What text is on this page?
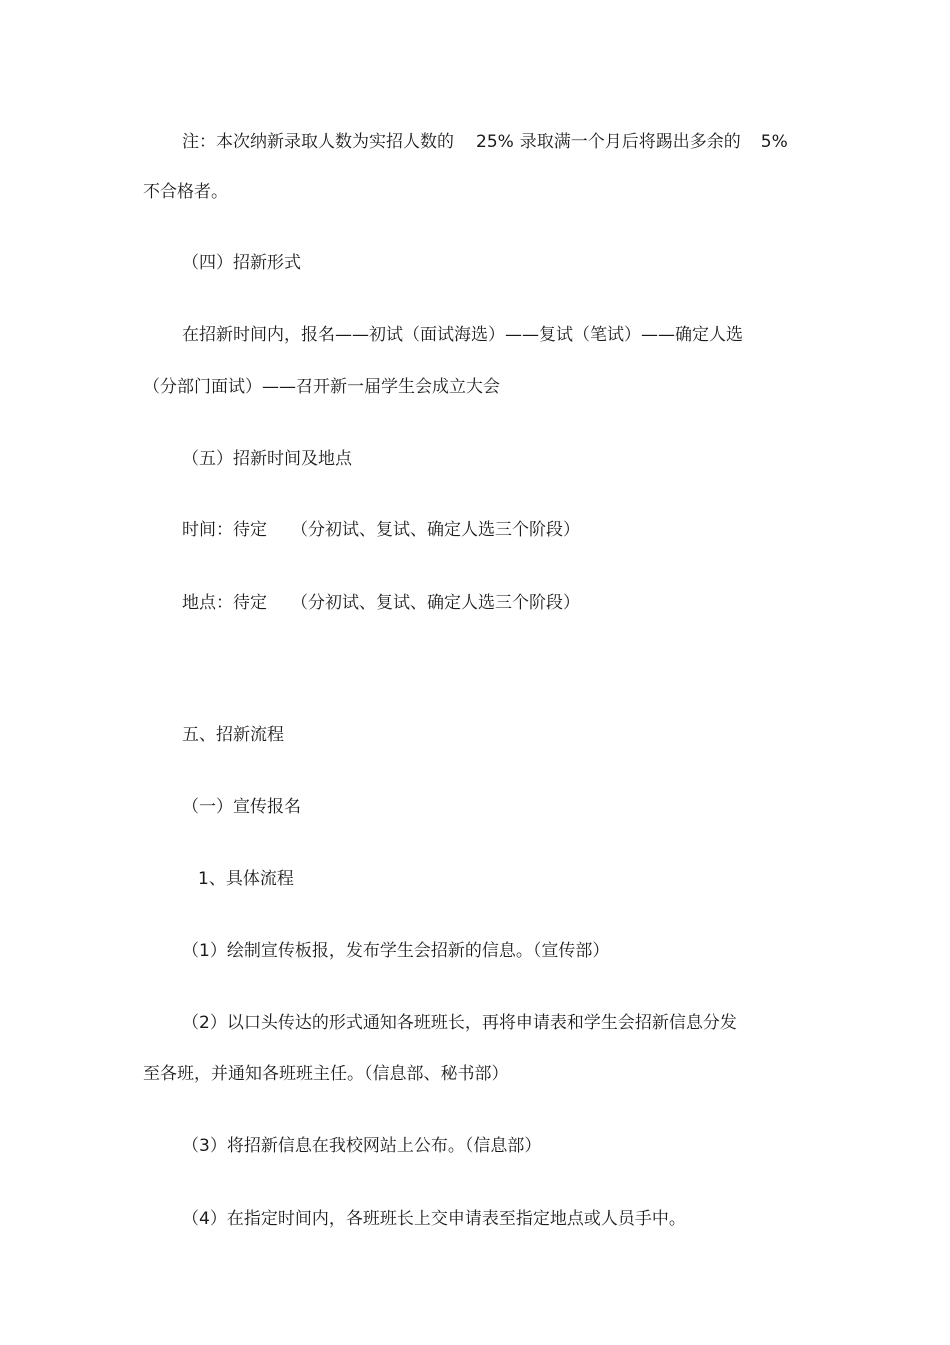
注：本次纳新录取人数为实招人数的 25% 录取满一个月后将踢出多余的 5%
不合格者。
（四）招新形式
在招新时间内，报名——初试（面试海选）——复试（笔试）——确定人选
（分部门面试）——召开新一届学生会成立大会
（五）招新时间及地点
时间：待定 （分初试、复试、确定人选三个阶段）
地点：待定 （分初试、复试、确定人选三个阶段）
五、招新流程
（一）宣传报名
1、具体流程
（1）绘制宣传板报，发布学生会招新的信息。（宣传部）
（2）以口头传达的形式通知各班班长，再将申请表和学生会招新信息分发
至各班，并通知各班班主任。（信息部、秘书部）
（3）将招新信息在我校网站上公布。（信息部）
（4）在指定时间内，各班班长上交申请表至指定地点或人员手中。
